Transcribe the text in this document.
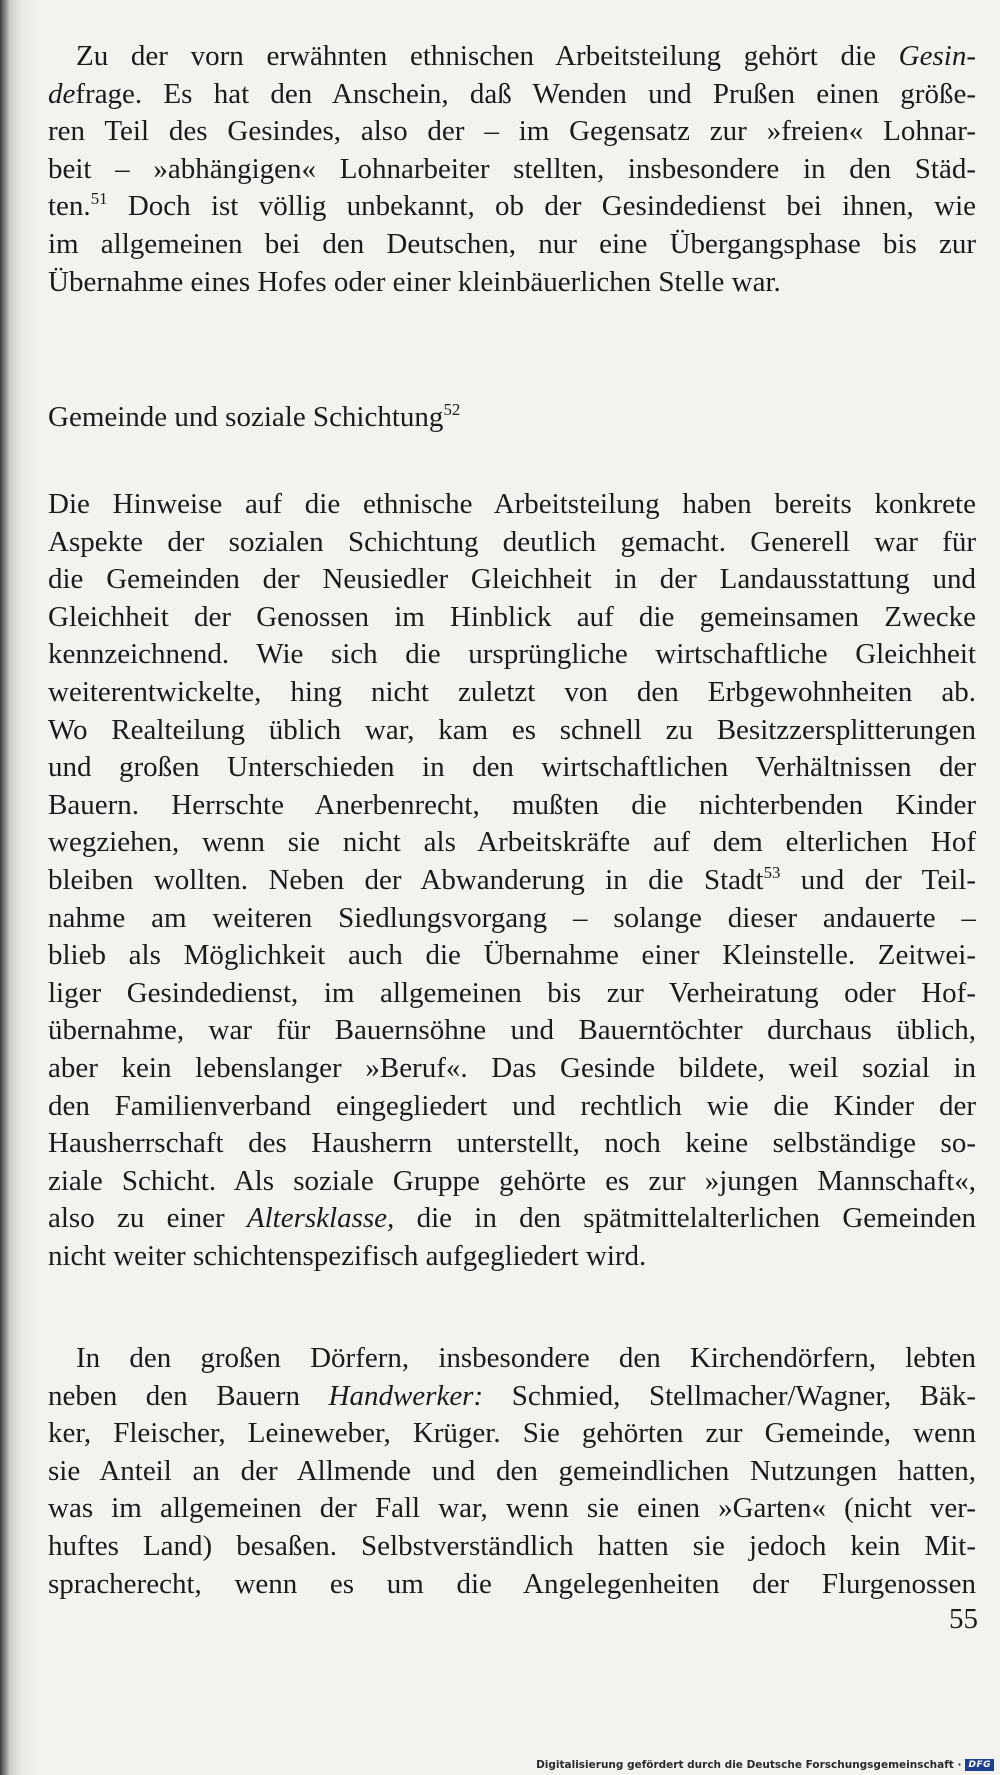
Zu der vorn erwähnten ethnischen Arbeitsteilung gehört die Gesin-
defrage. Es hat den Anschein, daß Wenden und Prußen einen größe-
ren Teil des Gesindes, also der – im Gegensatz zur »freien« Lohnar-
beit – »abhängigen« Lohnarbeiter stellten, insbesondere in den Städ-
ten.$^{51}$ Doch ist völlig unbekannt, ob der Gesindedienst bei ihnen, wie
im allgemeinen bei den Deutschen, nur eine Übergangsphase bis zur
Übernahme eines Hofes oder einer kleinbäuerlichen Stelle war.
Gemeinde und soziale Schichtung$^{52}$
Die Hinweise auf die ethnische Arbeitsteilung haben bereits konkrete
Aspekte der sozialen Schichtung deutlich gemacht. Generell war für
die Gemeinden der Neusiedler Gleichheit in der Landausstattung und
Gleichheit der Genossen im Hinblick auf die gemeinsamen Zwecke
kennzeichnend. Wie sich die ursprüngliche wirtschaftliche Gleichheit
weiterentwickelte, hing nicht zuletzt von den Erbgewohnheiten ab.
Wo Realteilung üblich war, kam es schnell zu Besitzzersplitterungen
und großen Unterschieden in den wirtschaftlichen Verhältnissen der
Bauern. Herrschte Anerbenrecht, mußten die nichterbenden Kinder
wegziehen, wenn sie nicht als Arbeitskräfte auf dem elterlichen Hof
bleiben wollten. Neben der Abwanderung in die Stadt$^{53}$ und der Teil-
nahme am weiteren Siedlungsvorgang – solange dieser andauerte –
blieb als Möglichkeit auch die Übernahme einer Kleinstelle. Zeitwei-
liger Gesindedienst, im allgemeinen bis zur Verheiratung oder Hof-
übernahme, war für Bauernsöhne und Bauerntöchter durchaus üblich,
aber kein lebenslanger »Beruf«. Das Gesinde bildete, weil sozial in
den Familienverband eingegliedert und rechtlich wie die Kinder der
Hausherrschaft des Hausherrn unterstellt, noch keine selbständige so-
ziale Schicht. Als soziale Gruppe gehörte es zur »jungen Mannschaft«,
also zu einer Altersklasse, die in den spätmittelalterlichen Gemeinden
nicht weiter schichtenspezifisch aufgegliedert wird.
In den großen Dörfern, insbesondere den Kirchendörfern, lebten
neben den Bauern Handwerker: Schmied, Stellmacher/Wagner, Bäk-
ker, Fleischer, Leineweber, Krüger. Sie gehörten zur Gemeinde, wenn
sie Anteil an der Allmende und den gemeindlichen Nutzungen hatten,
was im allgemeinen der Fall war, wenn sie einen »Garten« (nicht ver-
huftes Land) besaßen. Selbstverständlich hatten sie jedoch kein Mit-
spracherecht, wenn es um die Angelegenheiten der Flurgenossen
55
Digitalisierung gefördert durch die Deutsche Forschungsgemeinschaft · DFG
